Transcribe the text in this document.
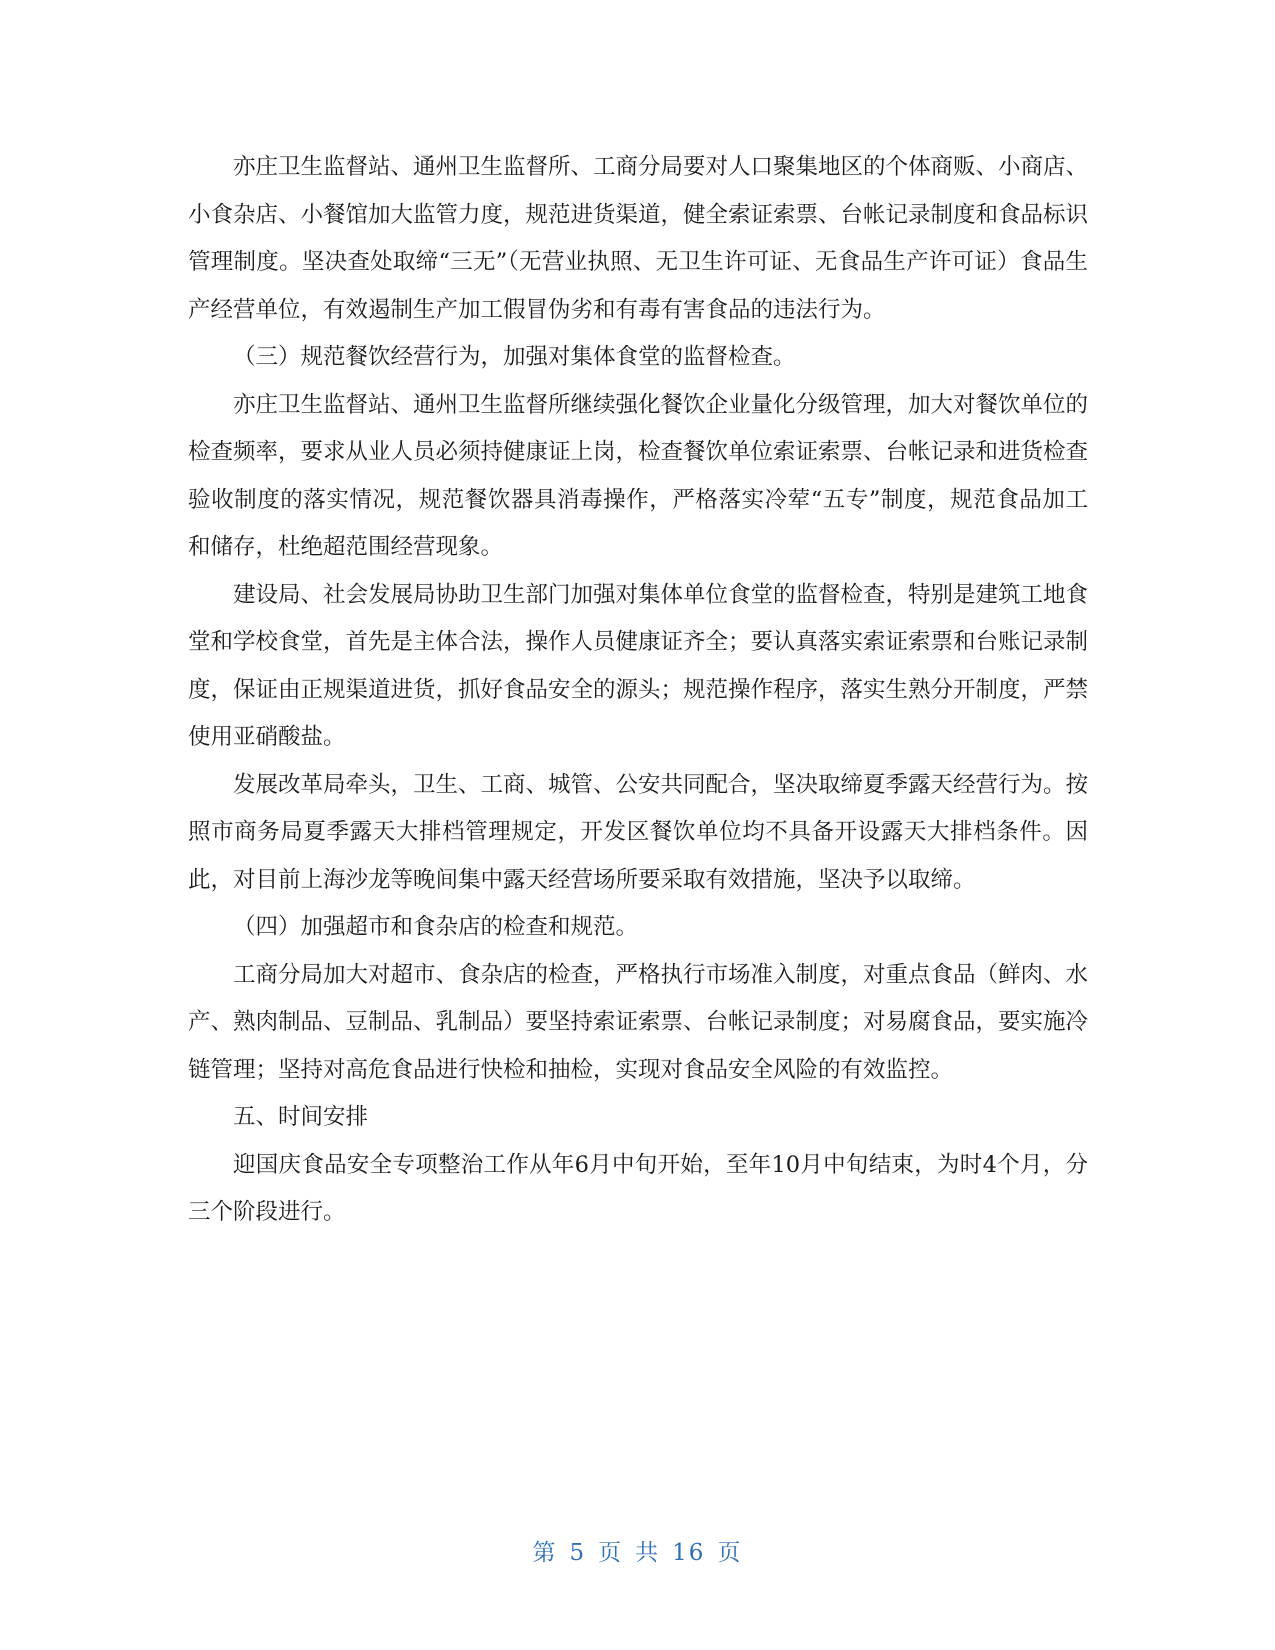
亦庄卫生监督站、通州卫生监督所、工商分局要对人口聚集地区的个体商贩、小商店、小食杂店、小餐馆加大监管力度，规范进货渠道，健全索证索票、台帐记录制度和食品标识管理制度。坚决查处取缔“三无”（无营业执照、无卫生许可证、无食品生产许可证）食品生产经营单位，有效遏制生产加工假冒伪劣和有毒有害食品的违法行为。

（三）规范餐饮经营行为，加强对集体食堂的监督检查。

亦庄卫生监督站、通州卫生监督所继续强化餐饮企业量化分级管理，加大对餐饮单位的检查频率，要求从业人员必须持健康证上岗，检查餐饮单位索证索票、台帐记录和进货检查验收制度的落实情况，规范餐饮器具消毒操作，严格落实冷荤“五专”制度，规范食品加工和储存，杜绝超范围经营现象。

建设局、社会发展局协助卫生部门加强对集体单位食堂的监督检查，特别是建筑工地食堂和学校食堂，首先是主体合法，操作人员健康证齐全；要认真落实索证索票和台账记录制度，保证由正规渠道进货，抓好食品安全的源头；规范操作程序，落实生熟分开制度，严禁使用亚硝酸盐。

发展改革局牵头，卫生、工商、城管、公安共同配合，坚决取缔夏季露天经营行为。按照市商务局夏季露天大排档管理规定，开发区餐饮单位均不具备开设露天大排档条件。因此，对目前上海沙龙等晚间集中露天经营场所要采取有效措施，坚决予以取缔。

（四）加强超市和食杂店的检查和规范。

工商分局加大对超市、食杂店的检查，严格执行市场准入制度，对重点食品（鲜肉、水产、熟肉制品、豆制品、乳制品）要坚持索证索票、台帐记录制度；对易腐食品，要实施冷链管理；坚持对高危食品进行快检和抽检，实现对食品安全风险的有效监控。

五、时间安排

迎国庆食品安全专项整治工作从年6月中旬开始，至年10月中旬结束，为时4个月，分三个阶段进行。

第 5 页 共 16 页
